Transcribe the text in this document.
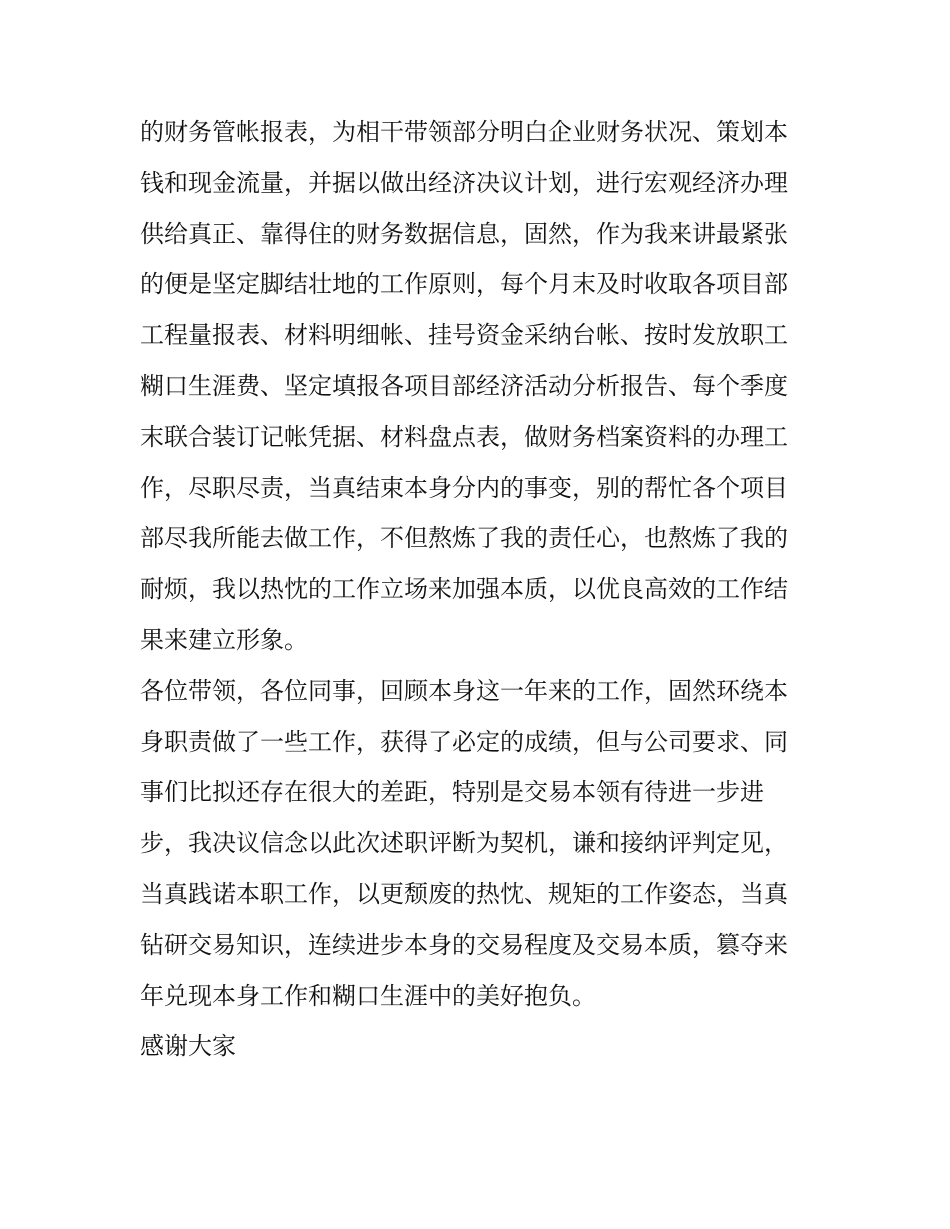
的财务管帐报表，为相干带领部分明白企业财务状况、策划本
钱和现金流量，并据以做出经济决议计划，进行宏观经济办理
供给真正、靠得住的财务数据信息，固然，作为我来讲最紧张
的便是坚定脚结壮地的工作原则，每个月末及时收取各项目部
工程量报表、材料明细帐、挂号资金采纳台帐、按时发放职工
糊口生涯费、坚定填报各项目部经济活动分析报告、每个季度
末联合装订记帐凭据、材料盘点表，做财务档案资料的办理工
作，尽职尽责，当真结束本身分内的事变，别的帮忙各个项目
部尽我所能去做工作，不但熬炼了我的责任心，也熬炼了我的
耐烦，我以热忱的工作立场来加强本质，以优良高效的工作结
果来建立形象。
各位带领，各位同事，回顾本身这一年来的工作，固然环绕本
身职责做了一些工作，获得了必定的成绩，但与公司要求、同
事们比拟还存在很大的差距，特别是交易本领有待进一步进
步，我决议信念以此次述职评断为契机，谦和接纳评判定见，
当真践诺本职工作，以更颓废的热忱、规矩的工作姿态，当真
钻研交易知识，连续进步本身的交易程度及交易本质，篡夺来
年兑现本身工作和糊口生涯中的美好抱负。
感谢大家
